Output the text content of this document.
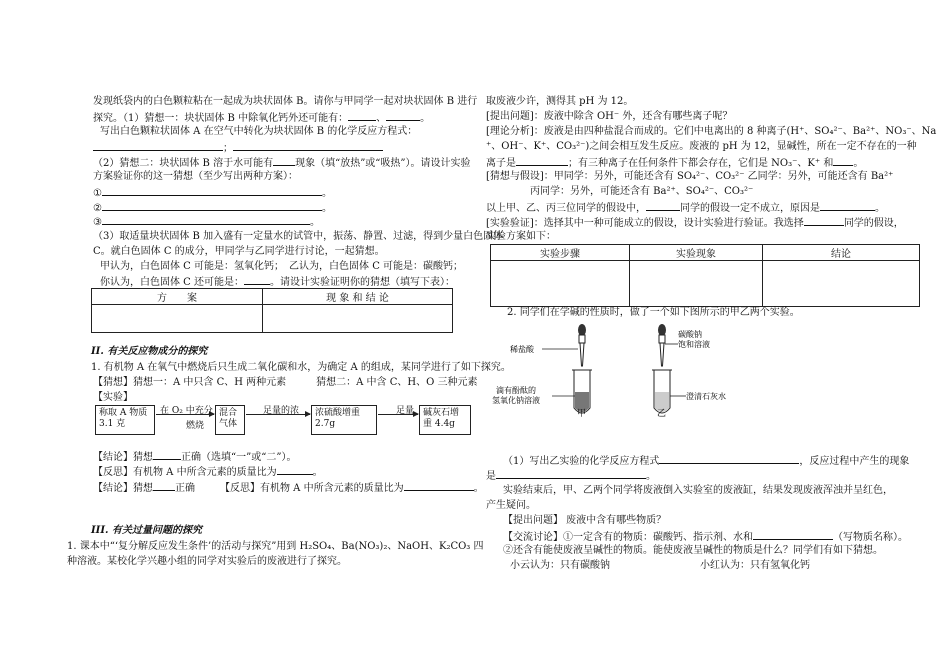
发现纸袋内的白色颗粒粘在一起成为块状固体 B。请你与甲同学一起对块状固体 B 进行
探究。（1）猜想一：块状固体 B 中除氧化钙外还可能有：	、	。
写出白色颗粒状固体 A 在空气中转化为块状固体 B 的化学反应方程式：
；
（2）猜想二：块状固体 B 溶于水可能有 现象（填“放热”或“吸热”）。请设计实验
方案验证你的这一猜想（至少写出两种方案）：
①	。
②	。
③	。
（3）取适量块状固体 B 加入盛有一定量水的试管中，振荡、静置、过滤，得到少量白色固体
C。就白色固体 C 的成分，甲同学与乙同学进行讨论，一起猜想。
甲认为，白色固体 C 可能是：氢氧化钙；　 乙认为，白色固体 C 可能是：碳酸钙；
你认为，白色固体 C 还可能是：	。请设计实验证明你的猜想（填写下表）：
方　　案	现 象 和 结 论

II. 有关反应物成分的探究
1. 有机物 A 在氧气中燃烧后只生成二氧化碳和水，为确定 A 的组成，某同学进行了如下探究。
【猜想】猜想一：A 中只含 C、H 两种元素　　　猜想二：A 中含 C、H、O 三种元素
【实验】
称取 A 物质 3.1 克
在 O₂ 中充分
燃烧
混合气体
足量的浓	浓硫酸增重 2.7g
足量 碱灰石增重 4.4g
【结论】猜想	正确（选填“一”或“二”）。
【反思】有机物 A 中所含元素的质量比为	。
【结论】猜想 正确　　　	【反思】有机物 A 中所含元素的质量比为	。
III. 有关过量问题的探究
1. 课本中“‘复分解反应发生条件’的活动与探究”用到 H₂SO₄、Ba(NO₃)₂、NaOH、K₂CO₃ 四
种溶液。某校化学兴趣小组的同学对实验后的废液进行了探究。
取废液少许，测得其 pH 为 12。
[提出问题]：废液中除含 OH⁻ 外，还含有哪些离子呢？
[理论分析]：废液是由四种盐混合而成的。它们中电离出的 8 种离子(H⁺、SO₄²⁻、Ba²⁺、NO₃⁻、Na
⁺、OH⁻、K⁺、CO₃²⁻)之间会相互发生反应。废液的 pH 为 12，显碱性，所在一定不存在的一种
离子是	；有三种离子在任何条件下都会存在，它们是 NO₃⁻、K⁺ 和 。
[猜想与假设]：甲同学：另外，可能还含有 SO₄²⁻、CO₃²⁻ 乙同学：另外，可能还含有 Ba²⁺
丙同学：另外，可能还含有 Ba²⁺、SO₄²⁻、CO₃²⁻
以上甲、乙、丙三位同学的假设中，	同学的假设一定不成立，原因是	。
[实验验证]：选择其中一种可能成立的假设，设计实验进行验证。我选择	同学的假设，
实验方案如下：
实验步骤	实验现象	结论

2. 同学们在学碱的性质时，做了一个如下图所示的甲乙两个实验。
稀盐酸
滴有酚酞的
氢氧化钠溶液
碳酸钠
饱和溶液
澄清石灰水
甲	乙
（1）写出乙实验的化学反应方程式	，反应过程中产生的现象
是	。
实验结束后，甲、乙两个同学将废液倒入实验室的废液缸，结果发现废液浑浊并呈红色，
产生疑问。
【提出问题】 废液中含有哪些物质？
【交流讨论】①一定含有的物质：碳酸钙、指示剂、水和	（写物质名称）。
②还含有能使废液呈碱性的物质。能使废液呈碱性的物质是什么？同学们有如下猜想。
小云认为：只有碳酸钠	小红认为：只有氢氧化钙
